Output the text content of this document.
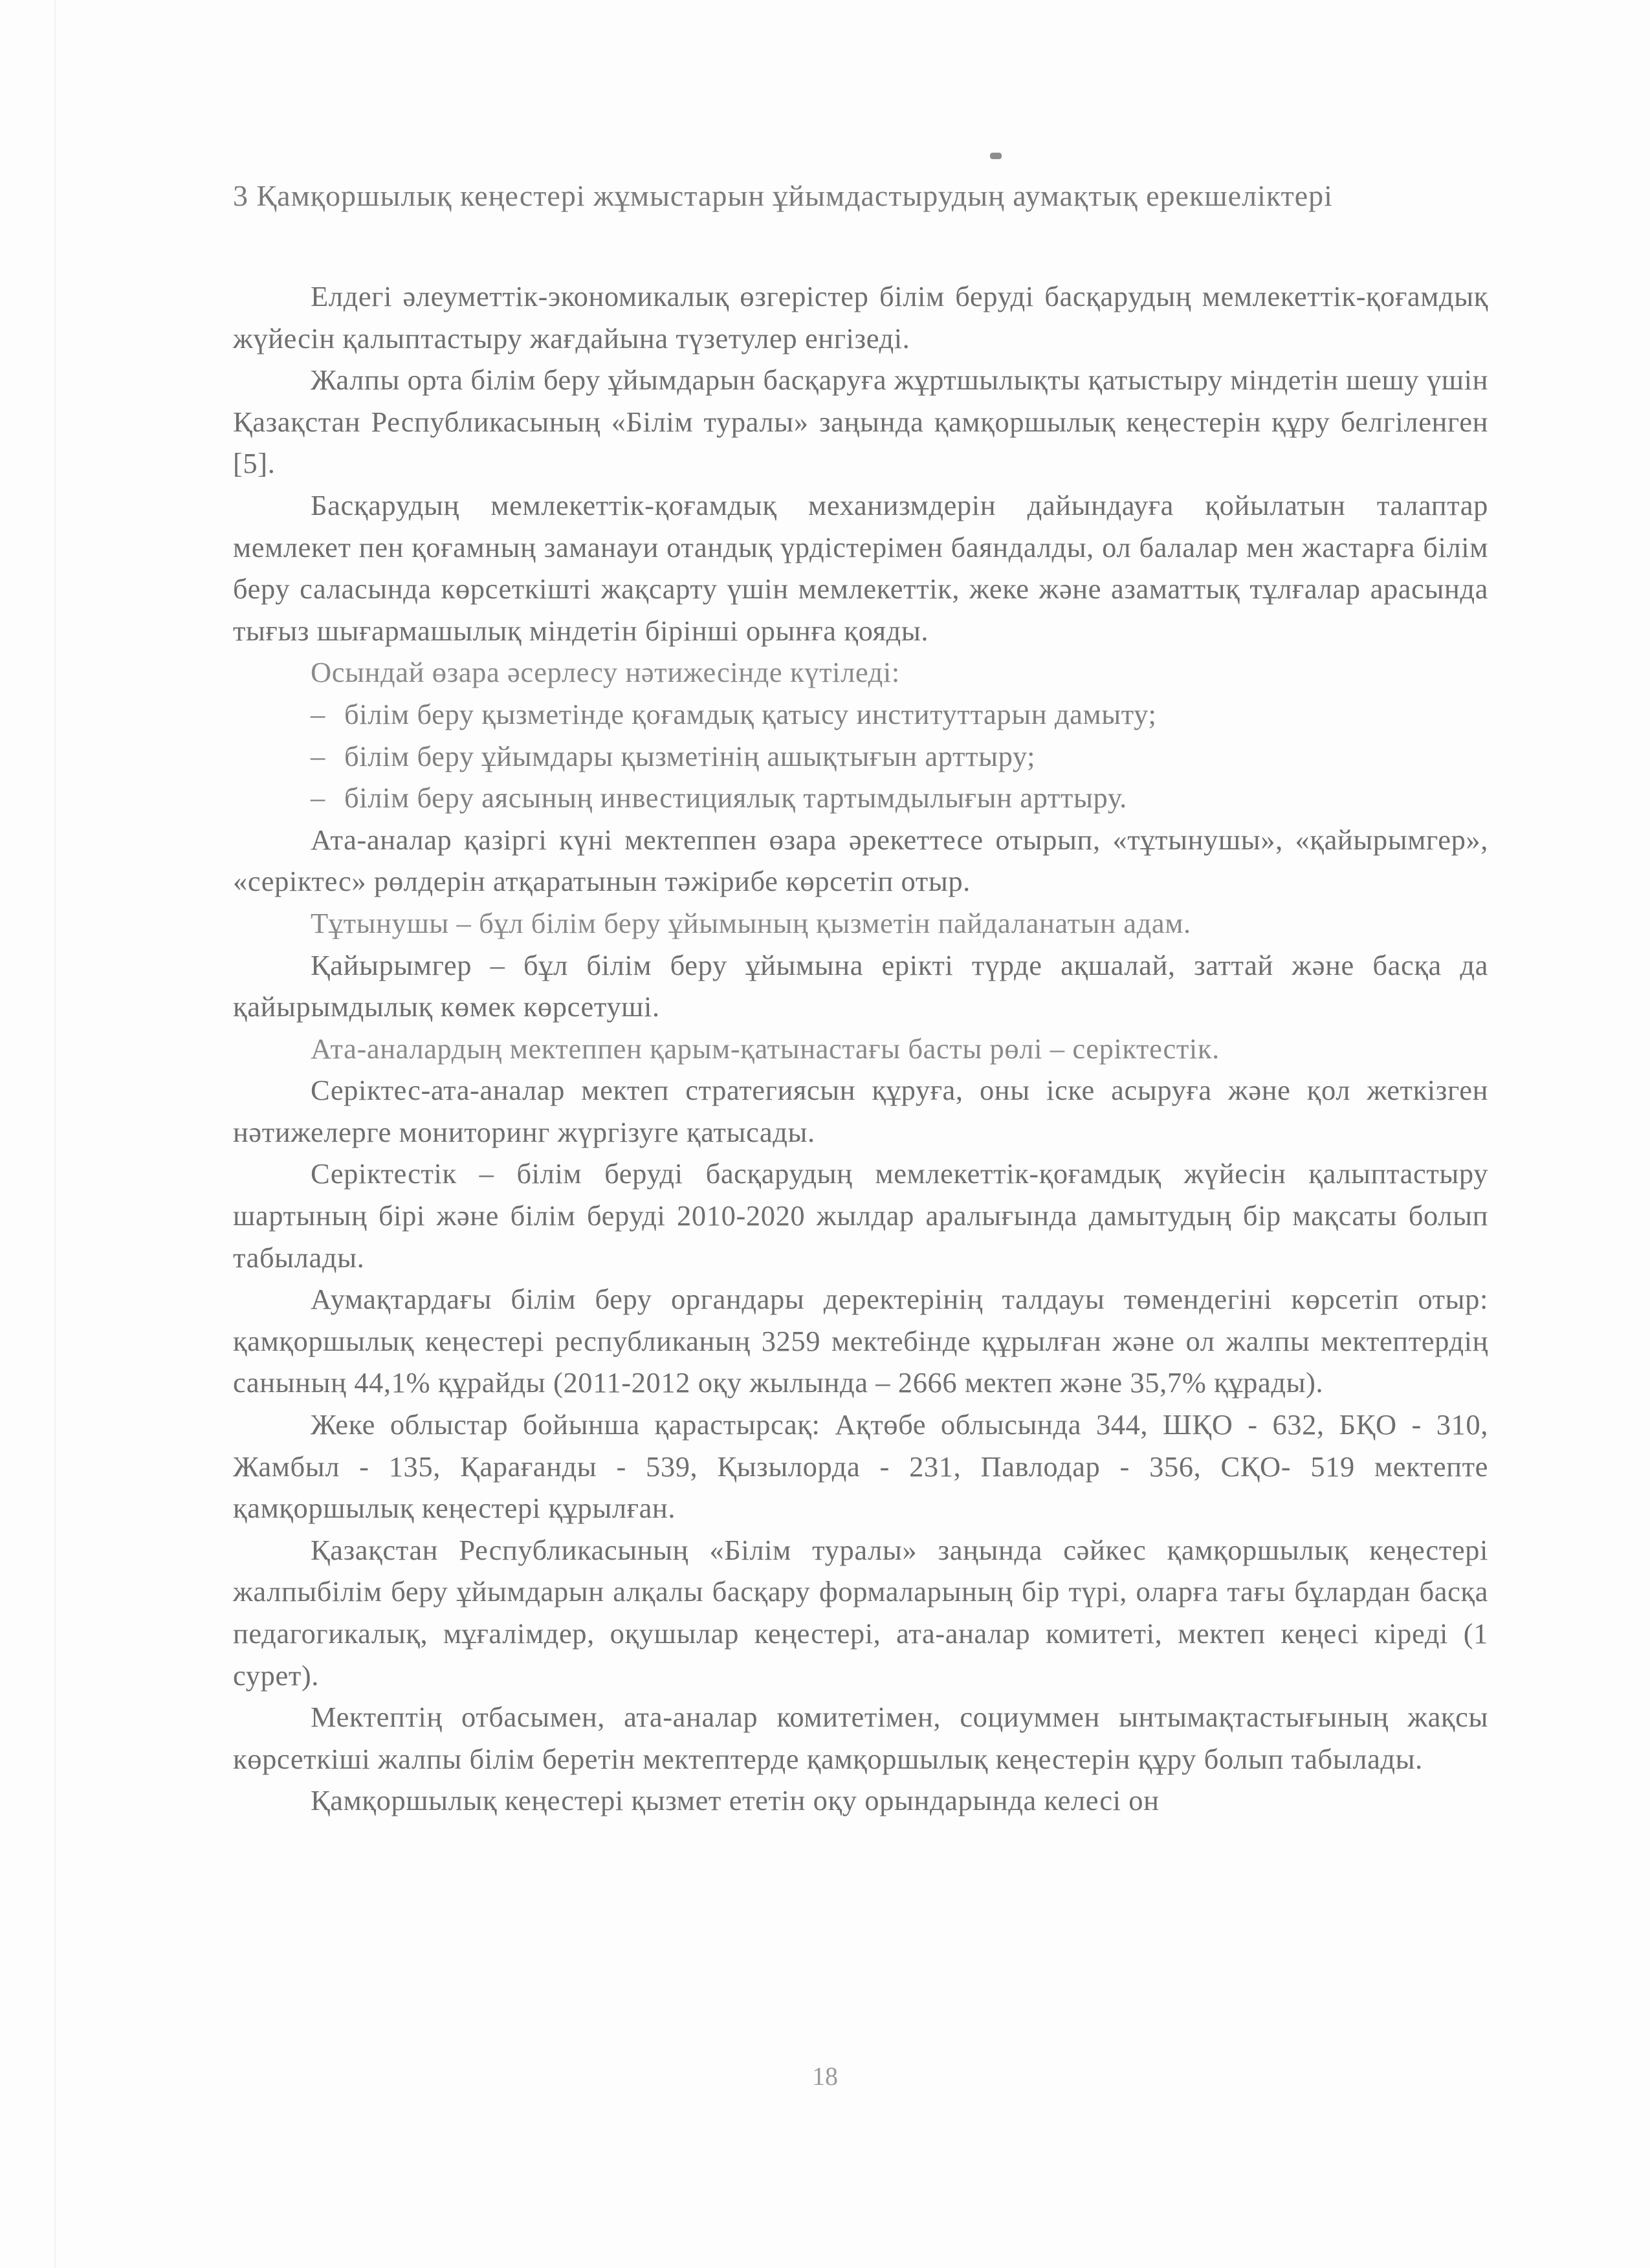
3 Қамқоршылық кеңестері жұмыстарын ұйымдастырудың аумақтық ерекшеліктері

Елдегі әлеуметтік-экономикалық өзгерістер білім беруді басқарудың мемлекеттік-қоғамдық жүйесін қалыптастыру жағдайына түзетулер енгізеді.

Жалпы орта білім беру ұйымдарын басқаруға жұртшылықты қатыстыру міндетін шешу үшін Қазақстан Республикасының «Білім туралы» заңында қамқоршылық кеңестерін құру белгіленген [5].

Басқарудың мемлекеттік-қоғамдық механизмдерін дайындауға қойылатын талаптар мемлекет пен қоғамның заманауи отандық үрдістерімен баяндалды, ол балалар мен жастарға білім беру саласында көрсеткішті жақсарту үшін мемлекеттік, жеке және азаматтық тұлғалар арасында тығыз шығармашылық міндетін бірінші орынға қояды.

Осындай өзара әсерлесу нәтижесінде күтіледі:

– білім беру қызметінде қоғамдық қатысу институттарын дамыту;

– білім беру ұйымдары қызметінің ашықтығын арттыру;

– білім беру аясының инвестициялық тартымдылығын арттыру.

Ата-аналар қазіргі күні мектеппен өзара әрекеттесе отырып, «тұтынушы», «қайырымгер», «серіктес» рөлдерін атқаратынын тәжірибе көрсетіп отыр.

Тұтынушы – бұл білім беру ұйымының қызметін пайдаланатын адам.

Қайырымгер – бұл білім беру ұйымына ерікті түрде ақшалай, заттай және басқа да қайырымдылық көмек көрсетуші.

Ата-аналардың мектеппен қарым-қатынастағы басты рөлі – серіктестік.

Серіктес-ата-аналар мектеп стратегиясын құруға, оны іске асыруға және қол жеткізген нәтижелерге мониторинг жүргізуге қатысады.

Серіктестік – білім беруді басқарудың мемлекеттік-қоғамдық жүйесін қалыптастыру шартының бірі және білім беруді 2010-2020 жылдар аралығында дамытудың бір мақсаты болып табылады.

Аумақтардағы білім беру органдары деректерінің талдауы төмендегіні көрсетіп отыр: қамқоршылық кеңестері республиканың 3259 мектебінде құрылған және ол жалпы мектептердің санының 44,1% құрайды (2011-2012 оқу жылында – 2666 мектеп және 35,7% құрады).

Жеке облыстар бойынша қарастырсақ: Ақтөбе облысында 344, ШҚО - 632, БҚО - 310, Жамбыл - 135, Қарағанды - 539, Қызылорда - 231, Павлодар - 356, СҚО- 519 мектепте қамқоршылық кеңестері құрылған.

Қазақстан Республикасының «Білім туралы» заңында сәйкес қамқоршылық кеңестері жалпыбілім беру ұйымдарын алқалы басқару формаларының бір түрі, оларға тағы бұлардан басқа педагогикалық, мұғалімдер, оқушылар кеңестері, ата-аналар комитеті, мектеп кеңесі кіреді (1 сурет).

Мектептің отбасымен, ата-аналар комитетімен, социуммен ынтымақтастығының жақсы көрсеткіші жалпы білім беретін мектептерде қамқоршылық кеңестерін құру болып табылады.

Қамқоршылық кеңестері қызмет ететін оқу орындарында келесі он

18
